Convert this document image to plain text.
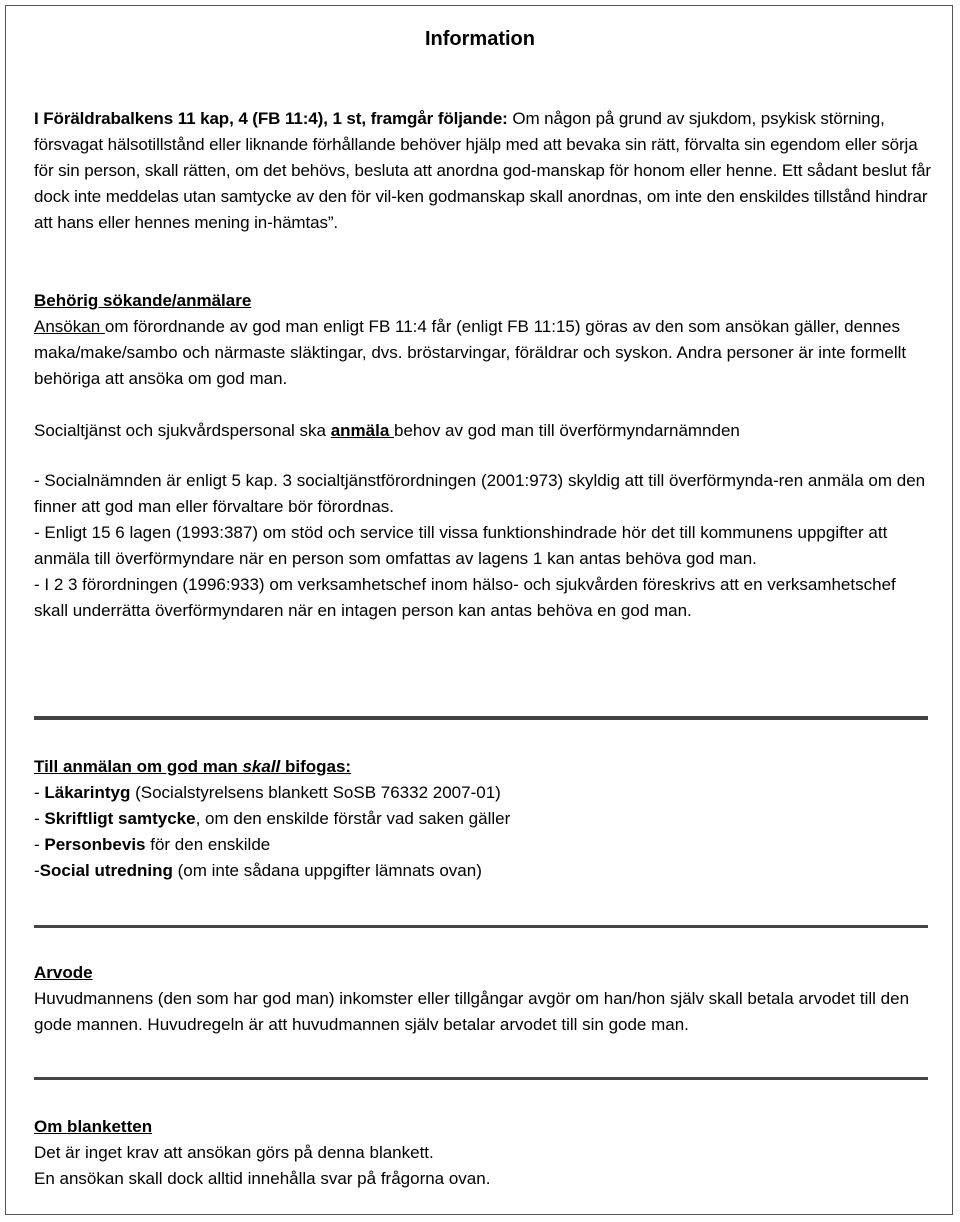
Information

I Föräldrabalkens 11 kap, 4 (FB 11:4), 1 st, framgår följande: Om någon på grund av sjukdom, psykisk störning, försvagat hälsotillstånd eller liknande förhållande behöver hjälp med att bevaka sin rätt, förvalta sin egendom eller sörja för sin person, skall rätten, om det behövs, besluta att anordna god-manskap för honom eller henne. Ett sådant beslut får dock inte meddelas utan samtycke av den för vil-ken godmanskap skall anordnas, om inte den enskildes tillstånd hindrar att hans eller hennes mening in-hämtas”.

Behörig sökande/anmälare

Ansökan om förordnande av god man enligt FB 11:4 får (enligt FB 11:15) göras av den som ansökan gäller, dennes maka/make/sambo och närmaste släktingar, dvs. bröstarvingar, föräldrar och syskon. Andra personer är inte formellt behöriga att ansöka om god man.

Socialtjänst och sjukvårdspersonal ska anmäla behov av god man till överförmyndarnämnden

- Socialnämnden är enligt 5 kap. 3 socialtjänstförordningen (2001:973) skyldig att till överförmynda-ren anmäla om den finner att god man eller förvaltare bör förordnas.

- Enligt 15 6 lagen (1993:387) om stöd och service till vissa funktionshindrade hör det till kommunens uppgifter att anmäla till överförmyndare när en person som omfattas av lagens 1 kan antas behöva god man.

- I 2 3 förordningen (1996:933) om verksamhetschef inom hälso- och sjukvården föreskrivs att en verksamhetschef skall underrätta överförmyndaren när en intagen person kan antas behöva en god man.

Till anmälan om god man skall bifogas:

- Läkarintyg (Socialstyrelsens blankett SoSB 76332 2007-01)

- Skriftligt samtycke, om den enskilde förstår vad saken gäller

- Personbevis för den enskilde

-Social utredning (om inte sådana uppgifter lämnats ovan)

Arvode

Huvudmannens (den som har god man) inkomster eller tillgångar avgör om han/hon själv skall betala arvodet till den gode mannen. Huvudregeln är att huvudmannen själv betalar arvodet till sin gode man.

Om blanketten

Det är inget krav att ansökan görs på denna blankett.

En ansökan skall dock alltid innehålla svar på frågorna ovan.
